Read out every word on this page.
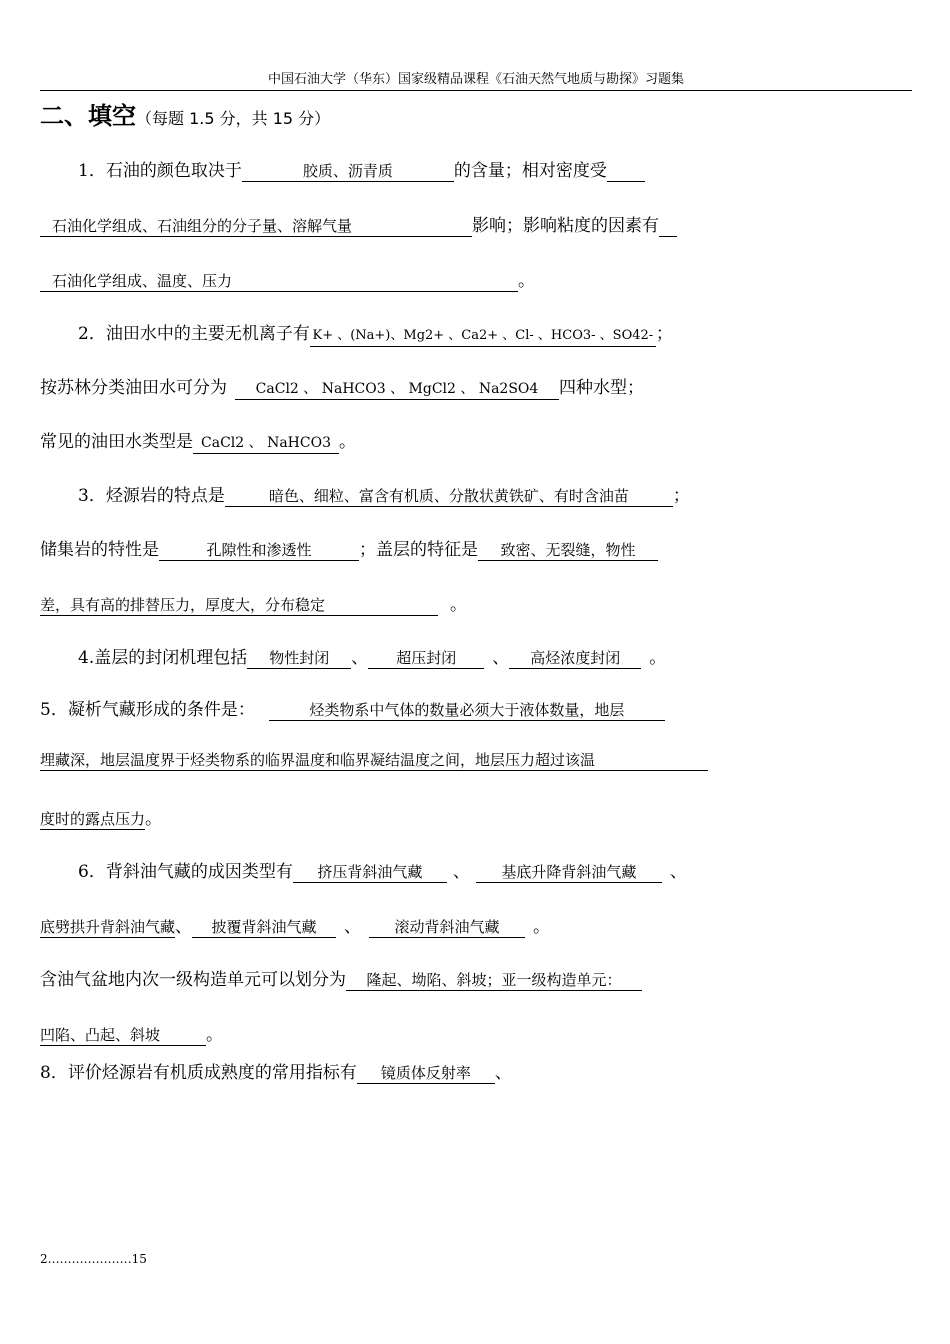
中国石油大学（华东）国家级精品课程《石油天然气地质与勘探》习题集
二、填空（每题 1.5 分，共 15 分）
1．石油的颜色取决于	胶质、沥青质	的含量；相对密度受
石油化学组成、石油组分的分子量、溶解气量	影响；影响粘度的因素有
石油化学组成、温度、压力	。
2．油田水中的主要无机离子有 K+ 、(Na+)、Mg2+ 、Ca2+ 、Cl- 、HCO3- 、SO42- ；
按苏林分类油田水可分为 CaCl2 、 NaHCO3 、 MgCl2 、 Na2SO4 四种水型；
常见的油田水类型是 CaCl2 、 NaHCO3 。
3．烃源岩的特点是	暗色、细粒、富含有机质、分散状黄铁矿、有时含油苗	；
储集岩的特性是	孔隙性和渗透性	；盖层的特征是 致密、无裂缝，物性
差，具有高的排替压力，厚度大，分布稳定	。
4.盖层的封闭机理包括 物性封闭 、 超压封闭 、 高烃浓度封闭 。
5．凝析气藏形成的条件是：	烃类物系中气体的数量必须大于液体数量，地层
埋藏深，地层温度界于烃类物系的临界温度和临界凝结温度之间，地层压力超过该温
度时的露点压力。
6．背斜油气藏的成因类型有 挤压背斜油气藏 、 基底升降背斜油气藏 、
底劈拱升背斜油气藏、 披覆背斜油气藏 、 滚动背斜油气藏 。
含油气盆地内次一级构造单元可以划分为 隆起、坳陷、斜坡；亚一级构造单元：
凹陷、凸起、斜坡	。
8．评价烃源岩有机质成熟度的常用指标有 镜质体反射率 、
2…………………15
